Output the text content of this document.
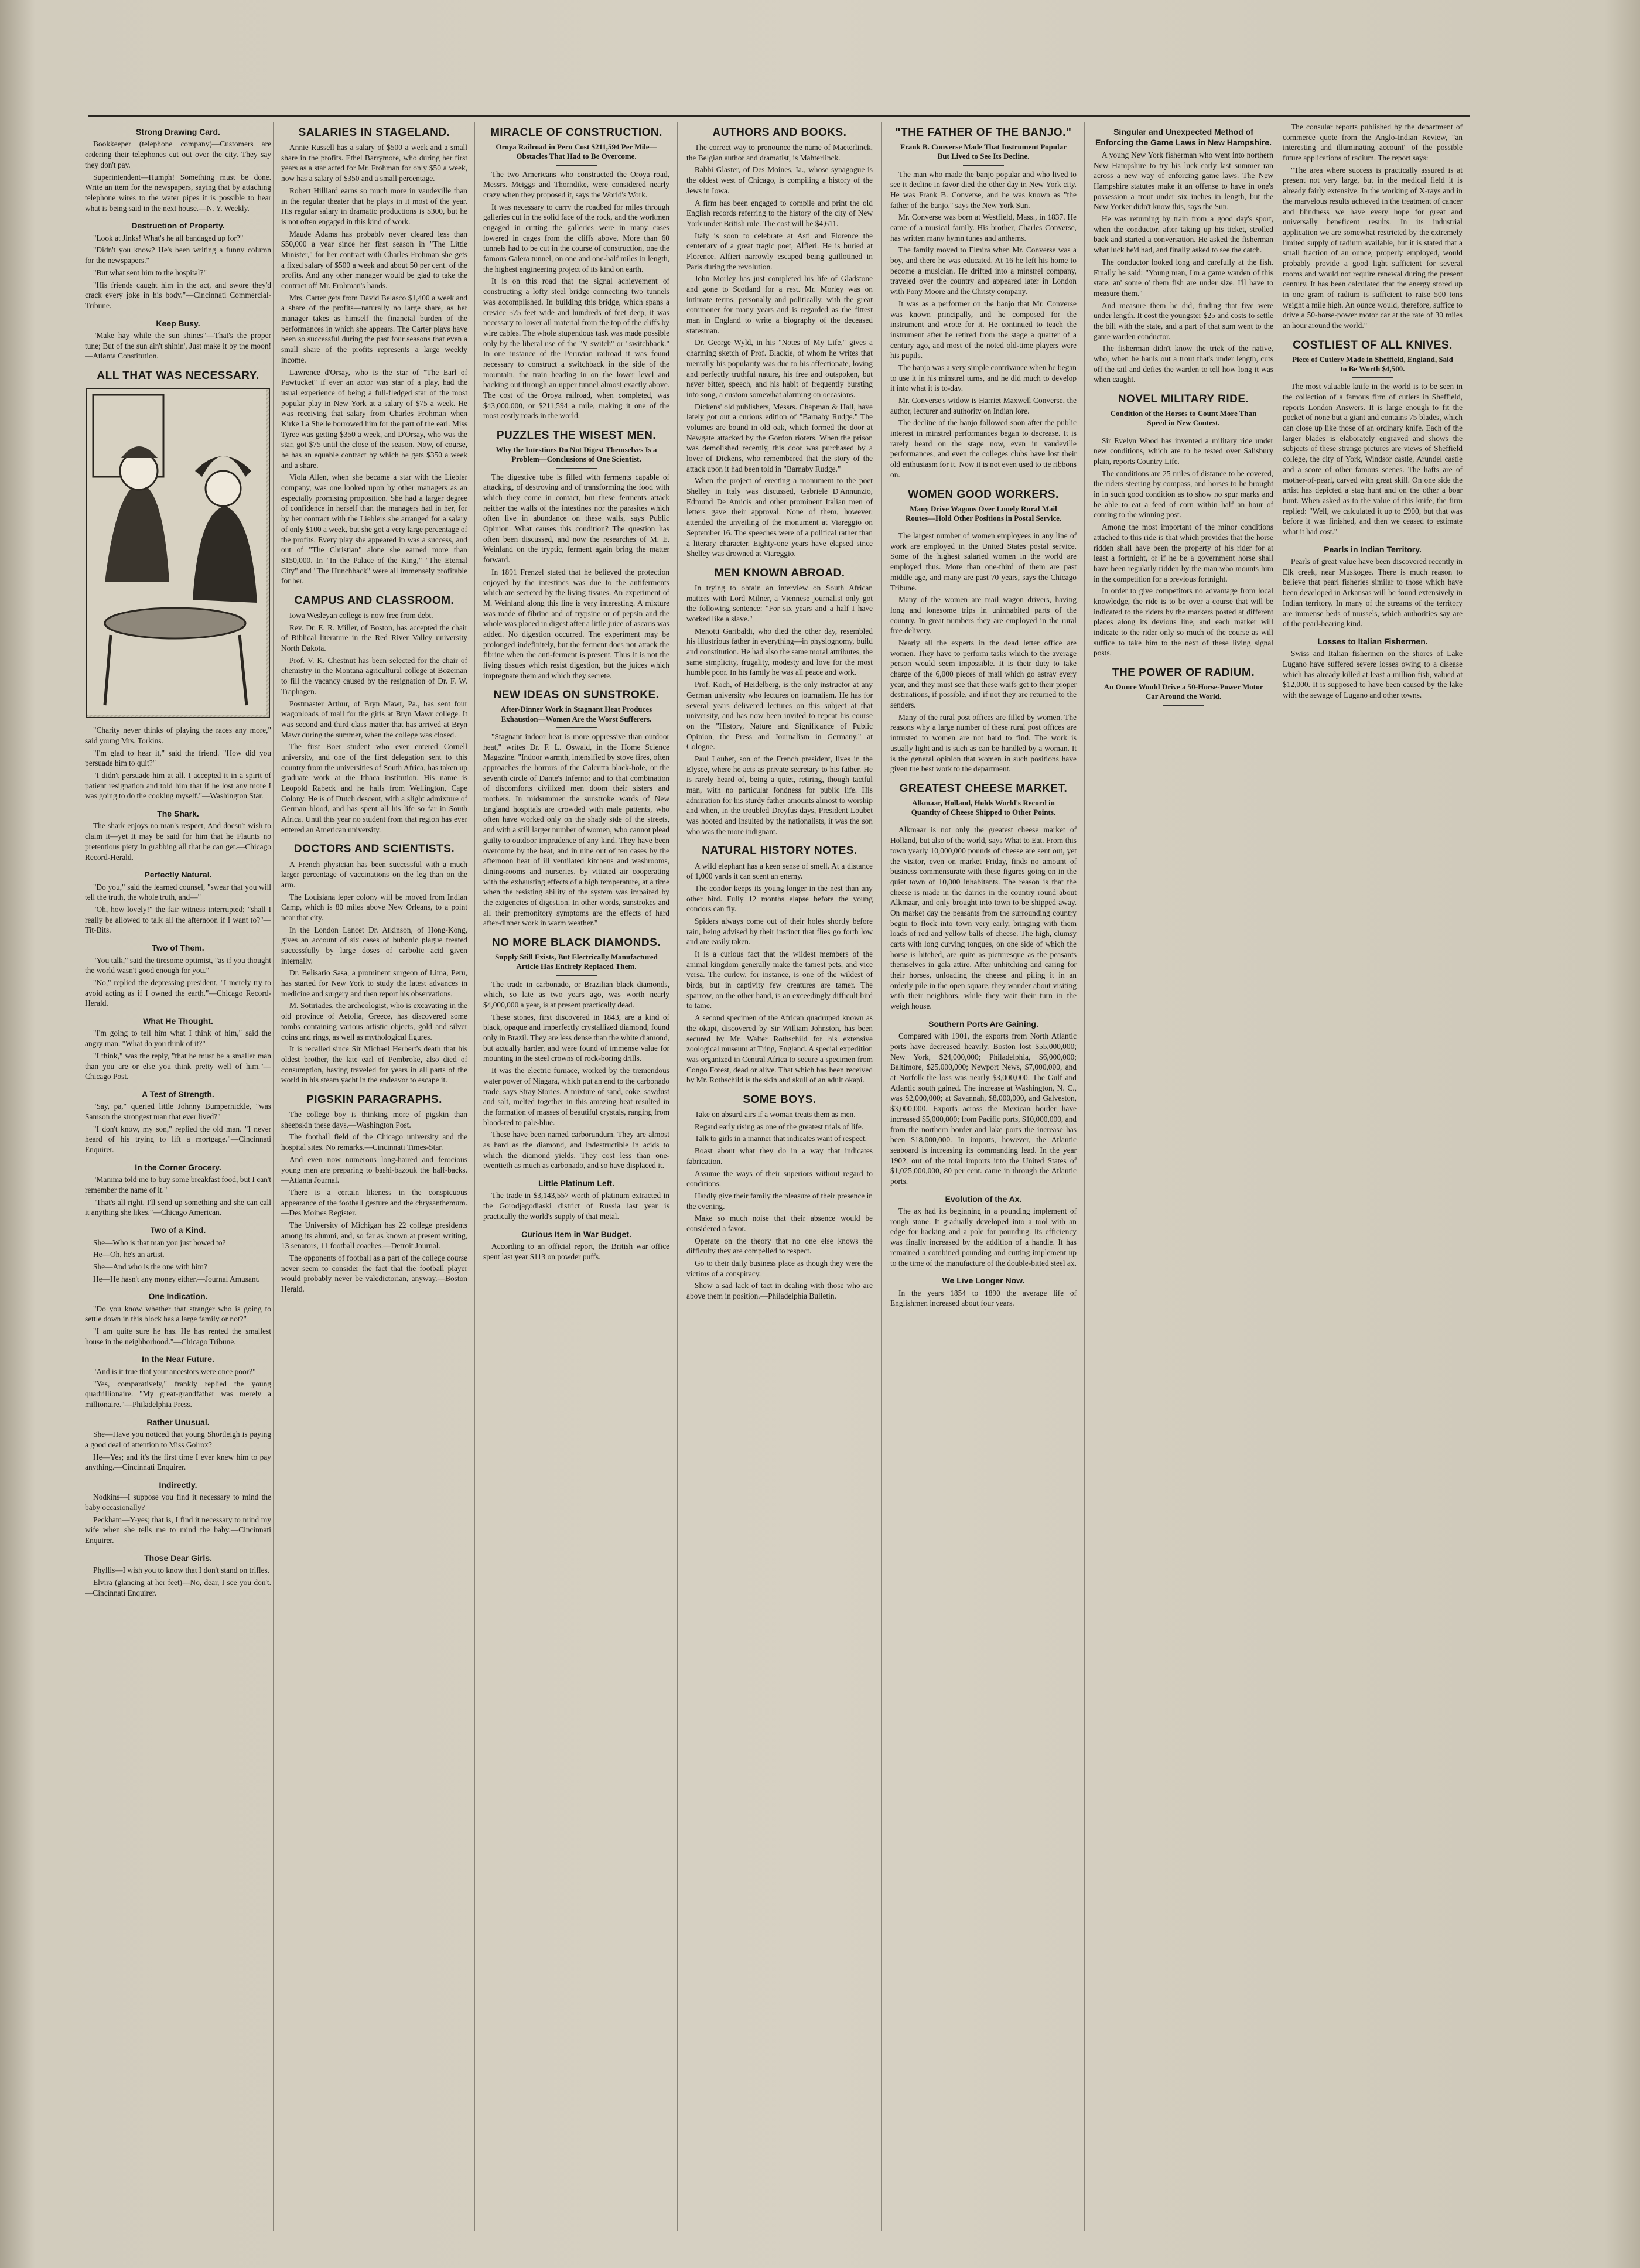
Strong Drawing Card.

Bookkeeper (telephone company)—Customers are ordering their telephones cut out over the city. They say they don't pay.

Superintendent—Humph! Something must be done. Write an item for the newspapers, saying that by attaching telephone wires to the water pipes it is possible to hear what is being said in the next house.—N. Y. Weekly.

Destruction of Property.

"Look at Jinks! What's he all bandaged up for?"

"Didn't you know? He's been writing a funny column for the newspapers."

"But what sent him to the hospital?"

"His friends caught him in the act, and swore they'd crack every joke in his body."—Cincinnati Commercial-Tribune.

Keep Busy.

"Make hay while the sun shines"—That's the proper tune; But of the sun ain't shinin', Just make it by the moon!—Atlanta Constitution.

ALL THAT WAS NECESSARY.

"Charity never thinks of playing the races any more," said young Mrs. Torkins.

"I'm glad to hear it," said the friend. "How did you persuade him to quit?"

"I didn't persuade him at all. I accepted it in a spirit of patient resignation and told him that if he lost any more I was going to do the cooking myself."—Washington Star.

The Shark.

The shark enjoys no man's respect, And doesn't wish to claim it—yet It may be said for him that he Flaunts no pretentious piety In grabbing all that he can get.—Chicago Record-Herald.

Perfectly Natural.

"Do you," said the learned counsel, "swear that you will tell the truth, the whole truth, and—"

"Oh, how lovely!" the fair witness interrupted; "shall I really be allowed to talk all the afternoon if I want to?"—Tit-Bits.

Two of Them.

"You talk," said the tiresome optimist, "as if you thought the world wasn't good enough for you."

"No," replied the depressing president, "I merely try to avoid acting as if I owned the earth."—Chicago Record-Herald.

What He Thought.

"I'm going to tell him what I think of him," said the angry man. "What do you think of it?"

"I think," was the reply, "that he must be a smaller man than you are or else you think pretty well of him."—Chicago Post.

A Test of Strength.

"Say, pa," queried little Johnny Bumpernickle, "was Samson the strongest man that ever lived?"

"I don't know, my son," replied the old man. "I never heard of his trying to lift a mortgage."—Cincinnati Enquirer.

In the Corner Grocery.

"Mamma told me to buy some breakfast food, but I can't remember the name of it."

"That's all right. I'll send up something and she can call it anything she likes."—Chicago American.

Two of a Kind.

She—Who is that man you just bowed to?

He—Oh, he's an artist.

She—And who is the one with him?

He—He hasn't any money either.—Journal Amusant.

One Indication.

"Do you know whether that stranger who is going to settle down in this block has a large family or not?"

"I am quite sure he has. He has rented the smallest house in the neighborhood."—Chicago Tribune.

In the Near Future.

"And is it true that your ancestors were once poor?"

"Yes, comparatively," frankly replied the young quadrillionaire. "My great-grandfather was merely a millionaire."—Philadelphia Press.

Rather Unusual.

She—Have you noticed that young Shortleigh is paying a good deal of attention to Miss Golrox?

He—Yes; and it's the first time I ever knew him to pay anything.—Cincinnati Enquirer.

Indirectly.

Nodkins—I suppose you find it necessary to mind the baby occasionally?

Peckham—Y-yes; that is, I find it necessary to mind my wife when she tells me to mind the baby.—Cincinnati Enquirer.

Those Dear Girls.

Phyllis—I wish you to know that I don't stand on trifles.

Elvira (glancing at her feet)—No, dear, I see you don't.—Cincinnati Enquirer.

SALARIES IN STAGELAND.

Annie Russell has a salary of $500 a week and a small share in the profits. Ethel Barrymore, who during her first years as a star acted for Mr. Frohman for only $50 a week, now has a salary of $350 and a small percentage.

Robert Hilliard earns so much more in vaudeville than in the regular theater that he plays in it most of the year. His regular salary in dramatic productions is $300, but he is not often engaged in this kind of work.

Maude Adams has probably never cleared less than $50,000 a year since her first season in "The Little Minister," for her contract with Charles Frohman she gets a fixed salary of $500 a week and about 50 per cent. of the profits. And any other manager would be glad to take the contract off Mr. Frohman's hands.

Mrs. Carter gets from David Belasco $1,400 a week and a share of the profits—naturally no large share, as her manager takes as himself the financial burden of the performances in which she appears. The Carter plays have been so successful during the past four seasons that even a small share of the profits represents a large weekly income.

Lawrence d'Orsay, who is the star of "The Earl of Pawtucket" if ever an actor was star of a play, had the usual experience of being a full-fledged star of the most popular play in New York at a salary of $75 a week. He was receiving that salary from Charles Frohman when Kirke La Shelle borrowed him for the part of the earl. Miss Tyree was getting $350 a week, and D'Orsay, who was the star, got $75 until the close of the season. Now, of course, he has an equable contract by which he gets $350 a week and a share.

Viola Allen, when she became a star with the Liebler company, was one looked upon by other managers as an especially promising proposition. She had a larger degree of confidence in herself than the managers had in her, for by her contract with the Lieblers she arranged for a salary of only $100 a week, but she got a very large percentage of the profits. Every play she appeared in was a success, and out of "The Christian" alone she earned more than $150,000. In "In the Palace of the King," "The Eternal City" and "The Hunchback" were all immensely profitable for her.

CAMPUS AND CLASSROOM.

Iowa Wesleyan college is now free from debt.

Rev. Dr. E. R. Miller, of Boston, has accepted the chair of Biblical literature in the Red River Valley university North Dakota.

Prof. V. K. Chestnut has been selected for the chair of chemistry in the Montana agricultural college at Bozeman to fill the vacancy caused by the resignation of Dr. F. W. Traphagen.

Postmaster Arthur, of Bryn Mawr, Pa., has sent four wagonloads of mail for the girls at Bryn Mawr college. It was second and third class matter that has arrived at Bryn Mawr during the summer, when the college was closed.

The first Boer student who ever entered Cornell university, and one of the first delegation sent to this country from the universities of South Africa, has taken up graduate work at the Ithaca institution. His name is Leopold Rabeck and he hails from Wellington, Cape Colony. He is of Dutch descent, with a slight admixture of German blood, and has spent all his life so far in South Africa. Until this year no student from that region has ever entered an American university.

DOCTORS AND SCIENTISTS.

A French physician has been successful with a much larger percentage of vaccinations on the leg than on the arm.

The Louisiana leper colony will be moved from Indian Camp, which is 80 miles above New Orleans, to a point near that city.

In the London Lancet Dr. Atkinson, of Hong-Kong, gives an account of six cases of bubonic plague treated successfully by large doses of carbolic acid given internally.

Dr. Belisario Sasa, a prominent surgeon of Lima, Peru, has started for New York to study the latest advances in medicine and surgery and then report his observations.

M. Sotiriades, the archeologist, who is excavating in the old province of Aetolia, Greece, has discovered some tombs containing various artistic objects, gold and silver coins and rings, as well as mythological figures.

It is recalled since Sir Michael Herbert's death that his oldest brother, the late earl of Pembroke, also died of consumption, having traveled for years in all parts of the world in his steam yacht in the endeavor to escape it.

PIGSKIN PARAGRAPHS.

The college boy is thinking more of pigskin than sheepskin these days.—Washington Post.

The football field of the Chicago university and the hospital sites. No remarks.—Cincinnati Times-Star.

And even now numerous long-haired and ferocious young men are preparing to bashi-bazouk the half-backs.—Atlanta Journal.

There is a certain likeness in the conspicuous appearance of the football gesture and the chrysanthemum.—Des Moines Register.

The University of Michigan has 22 college presidents among its alumni, and, so far as known at present writing, 13 senators, 11 football coaches.—Detroit Journal.

The opponents of football as a part of the college course never seem to consider the fact that the football player would probably never be valedictorian, anyway.—Boston Herald.

MIRACLE OF CONSTRUCTION.
Oroya Railroad in Peru Cost $211,594 Per Mile—Obstacles That Had to Be Overcome.

The two Americans who constructed the Oroya road, Messrs. Meiggs and Thorndike, were considered nearly crazy when they proposed it, says the World's Work.

It was necessary to carry the roadbed for miles through galleries cut in the solid face of the rock, and the workmen engaged in cutting the galleries were in many cases lowered in cages from the cliffs above. More than 60 tunnels had to be cut in the course of construction, one the famous Galera tunnel, on one and one-half miles in length, the highest engineering project of its kind on earth.

It is on this road that the signal achievement of constructing a lofty steel bridge connecting two tunnels was accomplished. In building this bridge, which spans a crevice 575 feet wide and hundreds of feet deep, it was necessary to lower all material from the top of the cliffs by wire cables. The whole stupendous task was made possible only by the liberal use of the "V switch" or "switchback." In one instance of the Peruvian railroad it was found necessary to construct a switchback in the side of the mountain, the train heading in on the lower level and backing out through an upper tunnel almost exactly above. The cost of the Oroya railroad, when completed, was $43,000,000, or $211,594 a mile, making it one of the most costly roads in the world.

PUZZLES THE WISEST MEN.
Why the Intestines Do Not Digest Themselves Is a Problem—Conclusions of One Scientist.

The digestive tube is filled with ferments capable of attacking, of destroying and of transforming the food with which they come in contact, but these ferments attack neither the walls of the intestines nor the parasites which often live in abundance on these walls, says Public Opinion. What causes this condition? The question has often been discussed, and now the researches of M. E. Weinland on the tryptic, ferment again bring the matter forward.

In 1891 Frenzel stated that he believed the protection enjoyed by the intestines was due to the antiferments which are secreted by the living tissues. An experiment of M. Weinland along this line is very interesting. A mixture was made of fibrine and of trypsine or of pepsin and the whole was placed in digest after a little juice of ascaris was added. No digestion occurred. The experiment may be prolonged indefinitely, but the ferment does not attack the fibrine when the anti-ferment is present. Thus it is not the living tissues which resist digestion, but the juices which impregnate them and which they secrete.

NEW IDEAS ON SUNSTROKE.
After-Dinner Work in Stagnant Heat Produces Exhaustion—Women Are the Worst Sufferers.

"Stagnant indoor heat is more oppressive than outdoor heat," writes Dr. F. L. Oswald, in the Home Science Magazine. "Indoor warmth, intensified by stove fires, often approaches the horrors of the Calcutta black-hole, or the seventh circle of Dante's Inferno; and to that combination of discomforts civilized men doom their sisters and mothers. In midsummer the sunstroke wards of New England hospitals are crowded with male patients, who often have worked only on the shady side of the streets, and with a still larger number of women, who cannot plead guilty to outdoor imprudence of any kind. They have been overcome by the heat, and in nine out of ten cases by the afternoon heat of ill ventilated kitchens and washrooms, dining-rooms and nurseries, by vitiated air cooperating with the exhausting effects of a high temperature, at a time when the resisting ability of the system was impaired by the exigencies of digestion. In other words, sunstrokes and all their premonitory symptoms are the effects of hard after-dinner work in warm weather."

NO MORE BLACK DIAMONDS.
Supply Still Exists, But Electrically Manufactured Article Has Entirely Replaced Them.

The trade in carbonado, or Brazilian black diamonds, which, so late as two years ago, was worth nearly $4,000,000 a year, is at present practically dead.

These stones, first discovered in 1843, are a kind of black, opaque and imperfectly crystallized diamond, found only in Brazil. They are less dense than the white diamond, but actually harder, and were found of immense value for mounting in the steel crowns of rock-boring drills.

It was the electric furnace, worked by the tremendous water power of Niagara, which put an end to the carbonado trade, says Stray Stories. A mixture of sand, coke, sawdust and salt, melted together in this amazing heat resulted in the formation of masses of beautiful crystals, ranging from blood-red to pale-blue.

These have been named carborundum. They are almost as hard as the diamond, and indestructible in acids to which the diamond yields. They cost less than one-twentieth as much as carbonado, and so have displaced it.

Little Platinum Left.

The trade in $3,143,557 worth of platinum extracted in the Gorodjagodiaski district of Russia last year is practically the world's supply of that metal.

Curious Item in War Budget.

According to an official report, the British war office spent last year $113 on powder puffs.

AUTHORS AND BOOKS.

The correct way to pronounce the name of Maeterlinck, the Belgian author and dramatist, is Mahterlinck.

Rabbi Glaster, of Des Moines, Ia., whose synagogue is the oldest west of Chicago, is compiling a history of the Jews in Iowa.

A firm has been engaged to compile and print the old English records referring to the history of the city of New York under British rule. The cost will be $4,611.

Italy is soon to celebrate at Asti and Florence the centenary of a great tragic poet, Alfieri. He is buried at Florence. Alfieri narrowly escaped being guillotined in Paris during the revolution.

John Morley has just completed his life of Gladstone and gone to Scotland for a rest. Mr. Morley was on intimate terms, personally and politically, with the great commoner for many years and is regarded as the fittest man in England to write a biography of the deceased statesman.

Dr. George Wyld, in his "Notes of My Life," gives a charming sketch of Prof. Blackie, of whom he writes that mentally his popularity was due to his affectionate, loving and perfectly truthful nature, his free and outspoken, but never bitter, speech, and his habit of frequently bursting into song, a custom somewhat alarming on occasions.

Dickens' old publishers, Messrs. Chapman & Hall, have lately got out a curious edition of "Barnaby Rudge." The volumes are bound in old oak, which formed the door at Newgate attacked by the Gordon rioters. When the prison was demolished recently, this door was purchased by a lover of Dickens, who remembered that the story of the attack upon it had been told in "Barnaby Rudge."

When the project of erecting a monument to the poet Shelley in Italy was discussed, Gabriele D'Annunzio, Edmund De Amicis and other prominent Italian men of letters gave their approval. None of them, however, attended the unveiling of the monument at Viareggio on September 16. The speeches were of a political rather than a literary character. Eighty-one years have elapsed since Shelley was drowned at Viareggio.

MEN KNOWN ABROAD.

In trying to obtain an interview on South African matters with Lord Milner, a Viennese journalist only got the following sentence: "For six years and a half I have worked like a slave."

Menotti Garibaldi, who died the other day, resembled his illustrious father in everything—in physiognomy, build and constitution. He had also the same moral attributes, the same simplicity, frugality, modesty and love for the most humble poor. In his family he was all peace and work.

Prof. Koch, of Heidelberg, is the only instructor at any German university who lectures on journalism. He has for several years delivered lectures on this subject at that university, and has now been invited to repeat his course on the "History, Nature and Significance of Public Opinion, the Press and Journalism in Germany," at Cologne.

Paul Loubet, son of the French president, lives in the Elysee, where he acts as private secretary to his father. He is rarely heard of, being a quiet, retiring, though tactful man, with no particular fondness for public life. His admiration for his sturdy father amounts almost to worship and when, in the troubled Dreyfus days, President Loubet was hooted and insulted by the nationalists, it was the son who was the more indignant.

NATURAL HISTORY NOTES.

A wild elephant has a keen sense of smell. At a distance of 1,000 yards it can scent an enemy.

The condor keeps its young longer in the nest than any other bird. Fully 12 months elapse before the young condors can fly.

Spiders always come out of their holes shortly before rain, being advised by their instinct that flies go forth low and are easily taken.

It is a curious fact that the wildest members of the animal kingdom generally make the tamest pets, and vice versa. The curlew, for instance, is one of the wildest of birds, but in captivity few creatures are tamer. The sparrow, on the other hand, is an exceedingly difficult bird to tame.

A second specimen of the African quadruped known as the okapi, discovered by Sir William Johnston, has been secured by Mr. Walter Rothschild for his extensive zoological museum at Tring, England. A special expedition was organized in Central Africa to secure a specimen from Congo Forest, dead or alive. That which has been received by Mr. Rothschild is the skin and skull of an adult okapi.

SOME BOYS.

Take on absurd airs if a woman treats them as men.

Regard early rising as one of the greatest trials of life.

Talk to girls in a manner that indicates want of respect.

Boast about what they do in a way that indicates fabrication.

Assume the ways of their superiors without regard to conditions.

Hardly give their family the pleasure of their presence in the evening.

Make so much noise that their absence would be considered a favor.

Operate on the theory that no one else knows the difficulty they are compelled to respect.

Go to their daily business place as though they were the victims of a conspiracy.

Show a sad lack of tact in dealing with those who are above them in position.—Philadelphia Bulletin.

"THE FATHER OF THE BANJO."
Frank B. Converse Made That Instrument Popular But Lived to See Its Decline.

The man who made the banjo popular and who lived to see it decline in favor died the other day in New York city. He was Frank B. Converse, and he was known as "the father of the banjo," says the New York Sun.

Mr. Converse was born at Westfield, Mass., in 1837. He came of a musical family. His brother, Charles Converse, has written many hymn tunes and anthems.

The family moved to Elmira when Mr. Converse was a boy, and there he was educated. At 16 he left his home to become a musician. He drifted into a minstrel company, traveled over the country and appeared later in London with Pony Moore and the Christy company.

It was as a performer on the banjo that Mr. Converse was known principally, and he composed for the instrument and wrote for it. He continued to teach the instrument after he retired from the stage a quarter of a century ago, and most of the noted old-time players were his pupils.

The banjo was a very simple contrivance when he began to use it in his minstrel turns, and he did much to develop it into what it is to-day.

Mr. Converse's widow is Harriet Maxwell Converse, the author, lecturer and authority on Indian lore.

The decline of the banjo followed soon after the public interest in minstrel performances began to decrease. It is rarely heard on the stage now, even in vaudeville performances, and even the colleges clubs have lost their old enthusiasm for it. Now it is not even used to tie ribbons on.

WOMEN GOOD WORKERS.
Many Drive Wagons Over Lonely Rural Mail Routes—Hold Other Positions in Postal Service.

The largest number of women employees in any line of work are employed in the United States postal service. Some of the highest salaried women in the world are employed thus. More than one-third of them are past middle age, and many are past 70 years, says the Chicago Tribune.

Many of the women are mail wagon drivers, having long and lonesome trips in uninhabited parts of the country. In great numbers they are employed in the rural free delivery.

Nearly all the experts in the dead letter office are women. They have to perform tasks which to the average person would seem impossible. It is their duty to take charge of the 6,000 pieces of mail which go astray every year, and they must see that these waifs get to their proper destinations, if possible, and if not they are returned to the senders.

Many of the rural post offices are filled by women. The reasons why a large number of these rural post offices are intrusted to women are not hard to find. The work is usually light and is such as can be handled by a woman. It is the general opinion that women in such positions have given the best work to the department.

GREATEST CHEESE MARKET.
Alkmaar, Holland, Holds World's Record in Quantity of Cheese Shipped to Other Points.

Alkmaar is not only the greatest cheese market of Holland, but also of the world, says What to Eat. From this town yearly 10,000,000 pounds of cheese are sent out, yet the visitor, even on market Friday, finds no amount of business commensurate with these figures going on in the quiet town of 10,000 inhabitants. The reason is that the cheese is made in the dairies in the country round about Alkmaar, and only brought into town to be shipped away. On market day the peasants from the surrounding country begin to flock into town very early, bringing with them loads of red and yellow balls of cheese. The high, clumsy carts with long curving tongues, on one side of which the horse is hitched, are quite as picturesque as the peasants themselves in gala attire. After unhitching and caring for their horses, unloading the cheese and piling it in an orderly pile in the open square, they wander about visiting with their neighbors, while they wait their turn in the weigh house.

Southern Ports Are Gaining.

Compared with 1901, the exports from North Atlantic ports have decreased heavily. Boston lost $55,000,000; New York, $24,000,000; Philadelphia, $6,000,000; Baltimore, $25,000,000; Newport News, $7,000,000, and at Norfolk the loss was nearly $3,000,000. The Gulf and Atlantic south gained. The increase at Washington, N. C., was $2,000,000; at Savannah, $8,000,000, and Galveston, $3,000,000. Exports across the Mexican border have increased $5,000,000; from Pacific ports, $10,000,000, and from the northern border and lake ports the increase has been $18,000,000. In imports, however, the Atlantic seaboard is increasing its commanding lead. In the year 1902, out of the total imports into the United States of $1,025,000,000, 80 per cent. came in through the Atlantic ports.

Evolution of the Ax.

The ax had its beginning in a pounding implement of rough stone. It gradually developed into a tool with an edge for hacking and a pole for pounding. Its efficiency was finally increased by the addition of a handle. It has remained a combined pounding and cutting implement up to the time of the manufacture of the double-bitted steel ax.

We Live Longer Now.

In the years 1854 to 1890 the average life of Englishmen increased about four years.

Singular and Unexpected Method of Enforcing the Game Laws in New Hampshire.

A young New York fisherman who went into northern New Hampshire to try his luck early last summer ran across a new way of enforcing game laws. The New Hampshire statutes make it an offense to have in one's possession a trout under six inches in length, but the New Yorker didn't know this, says the Sun.

He was returning by train from a good day's sport, when the conductor, after taking up his ticket, strolled back and started a conversation. He asked the fisherman what luck he'd had, and finally asked to see the catch.

The conductor looked long and carefully at the fish. Finally he said: "Young man, I'm a game warden of this state, an' some o' them fish are under size. I'll have to measure them."

And measure them he did, finding that five were under length. It cost the youngster $25 and costs to settle the bill with the state, and a part of that sum went to the game warden conductor.

The fisherman didn't know the trick of the native, who, when he hauls out a trout that's under length, cuts off the tail and defies the warden to tell how long it was when caught.

NOVEL MILITARY RIDE.
Condition of the Horses to Count More Than Speed in New Contest.

Sir Evelyn Wood has invented a military ride under new conditions, which are to be tested over Salisbury plain, reports Country Life.

The conditions are 25 miles of distance to be covered, the riders steering by compass, and horses to be brought in in such good condition as to show no spur marks and be able to eat a feed of corn within half an hour of coming to the winning post.

Among the most important of the minor conditions attached to this ride is that which provides that the horse ridden shall have been the property of his rider for at least a fortnight, or if he be a government horse shall have been regularly ridden by the man who mounts him in the competition for a previous fortnight.

In order to give competitors no advantage from local knowledge, the ride is to be over a course that will be indicated to the riders by the markers posted at different places along its devious line, and each marker will indicate to the rider only so much of the course as will suffice to take him to the next of these living signal posts.

THE POWER OF RADIUM.
An Ounce Would Drive a 50-Horse-Power Motor Car Around the World.

The consular reports published by the department of commerce quote from the Anglo-Indian Review, "an interesting and illuminating account" of the possible future applications of radium. The report says:

"The area where success is practically assured is at present not very large, but in the medical field it is already fairly extensive. In the working of X-rays and in the marvelous results achieved in the treatment of cancer and blindness we have every hope for great and universally beneficent results. In its industrial application we are somewhat restricted by the extremely limited supply of radium available, but it is stated that a small fraction of an ounce, properly employed, would probably provide a good light sufficient for several rooms and would not require renewal during the present century. It has been calculated that the energy stored up in one gram of radium is sufficient to raise 500 tons weight a mile high. An ounce would, therefore, suffice to drive a 50-horse-power motor car at the rate of 30 miles an hour around the world."

COSTLIEST OF ALL KNIVES.
Piece of Cutlery Made in Sheffield, England, Said to Be Worth $4,500.

The most valuable knife in the world is to be seen in the collection of a famous firm of cutlers in Sheffield, reports London Answers. It is large enough to fit the pocket of none but a giant and contains 75 blades, which can close up like those of an ordinary knife. Each of the larger blades is elaborately engraved and shows the subjects of these strange pictures are views of Sheffield college, the city of York, Windsor castle, Arundel castle and a score of other famous scenes. The hafts are of mother-of-pearl, carved with great skill. On one side the artist has depicted a stag hunt and on the other a boar hunt. When asked as to the value of this knife, the firm replied: "Well, we calculated it up to £900, but that was before it was finished, and then we ceased to estimate what it had cost."

Pearls in Indian Territory.

Pearls of great value have been discovered recently in Elk creek, near Muskogee. There is much reason to believe that pearl fisheries similar to those which have been developed in Arkansas will be found extensively in Indian territory. In many of the streams of the territory are immense beds of mussels, which authorities say are of the pearl-bearing kind.

Losses to Italian Fishermen.

Swiss and Italian fishermen on the shores of Lake Lugano have suffered severe losses owing to a disease which has already killed at least a million fish, valued at $12,000. It is supposed to have been caused by the lake with the sewage of Lugano and other towns.
